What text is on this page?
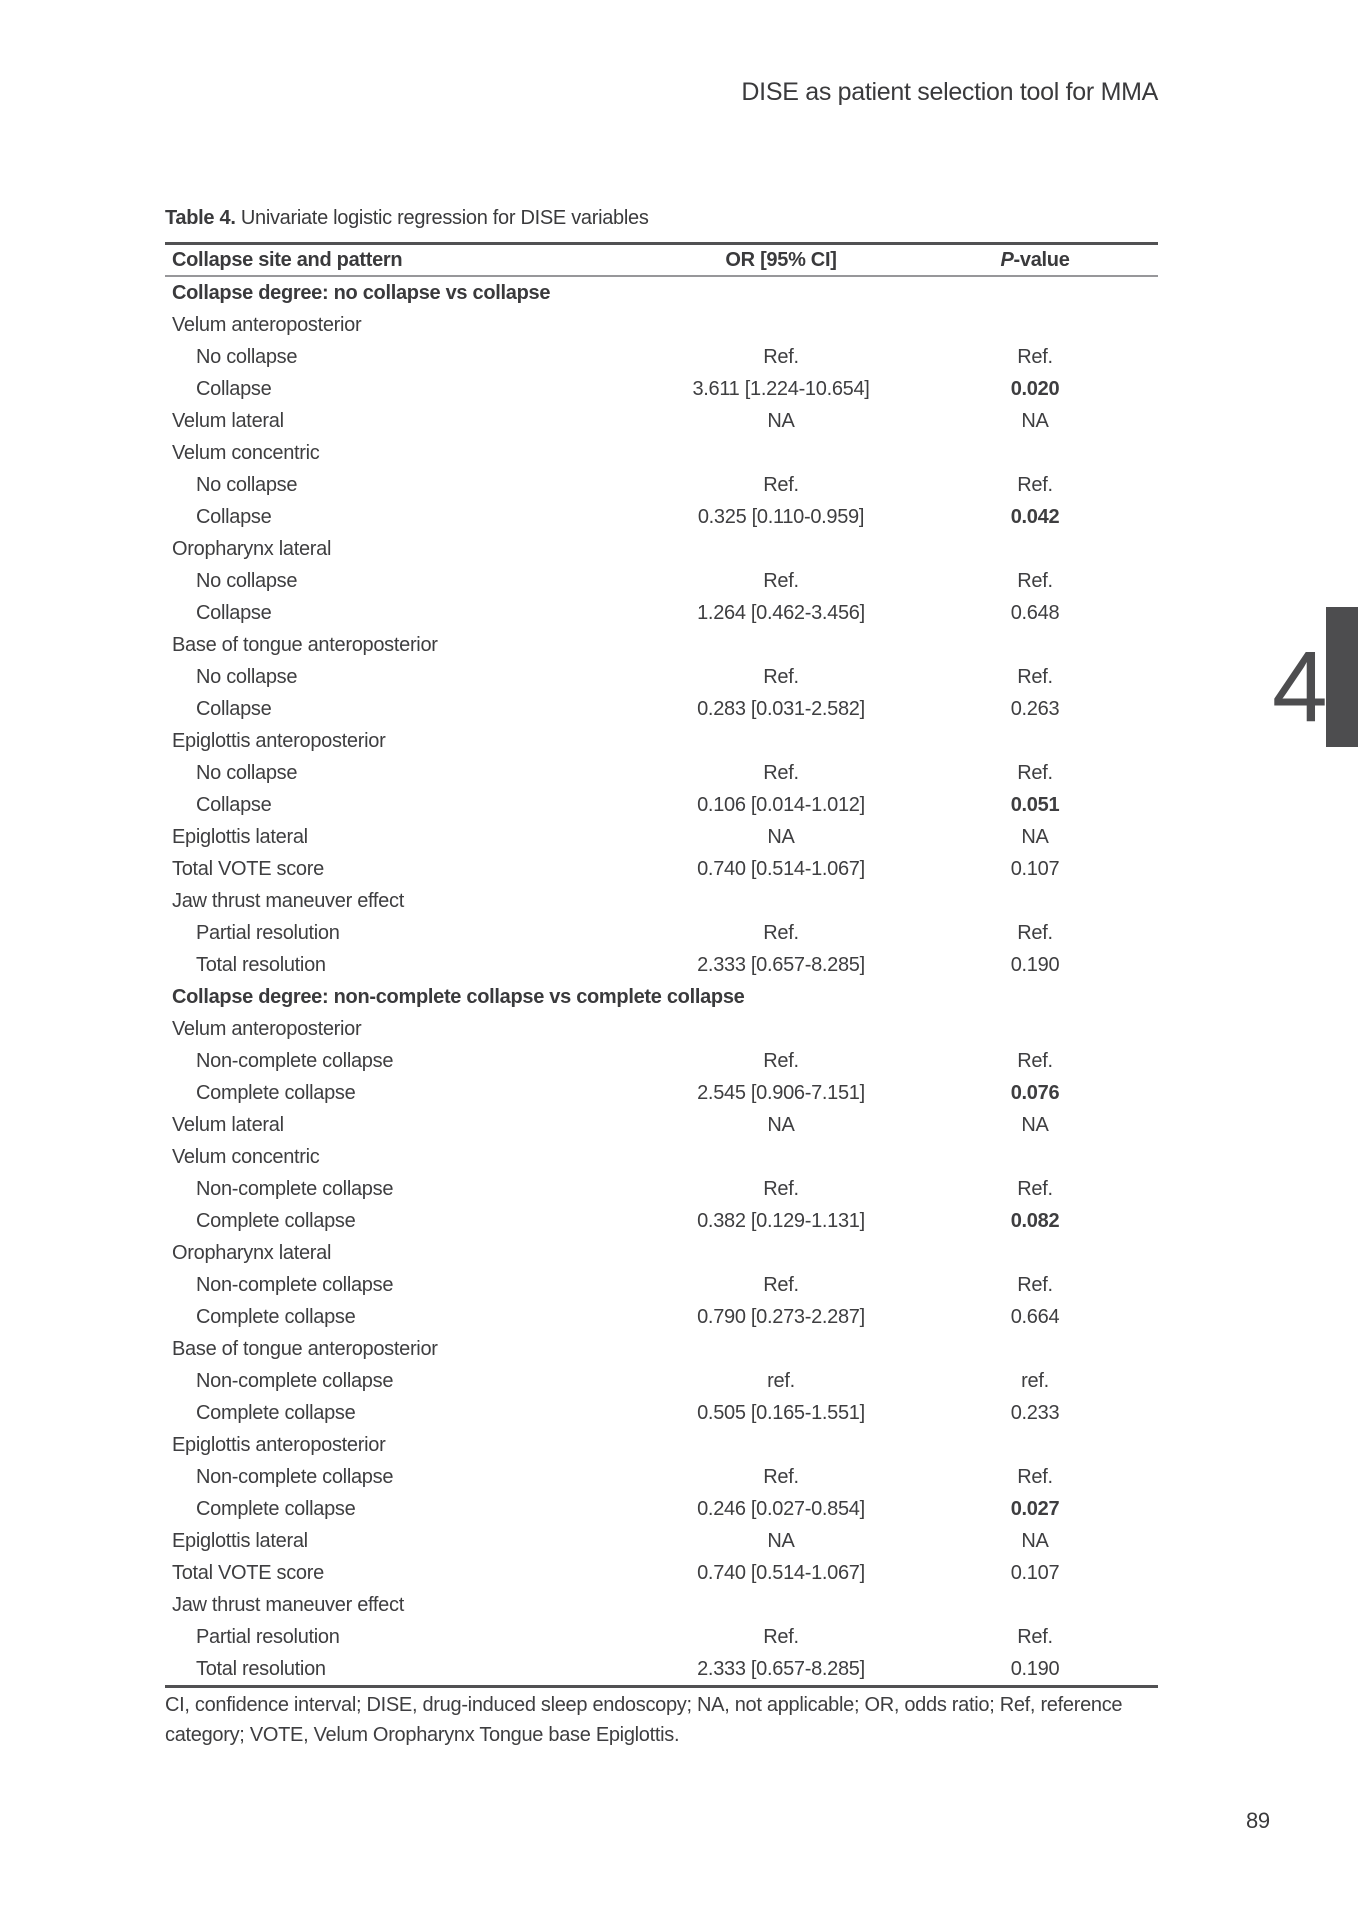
DISE as patient selection tool for MMA
Table 4. Univariate logistic regression for DISE variables
Collapse site and pattern	OR [95% CI]	P-value
Collapse degree: no collapse vs collapse
Velum anteroposterior
No collapse	Ref.	Ref.
Collapse	3.611 [1.224-10.654]	0.020
Velum lateral	NA	NA
Velum concentric
No collapse	Ref.	Ref.
Collapse	0.325 [0.110-0.959]	0.042
Oropharynx lateral
No collapse	Ref.	Ref.
Collapse	1.264 [0.462-3.456]	0.648
Base of tongue anteroposterior
No collapse	Ref.	Ref.
Collapse	0.283 [0.031-2.582]	0.263
Epiglottis anteroposterior
No collapse	Ref.	Ref.
Collapse	0.106 [0.014-1.012]	0.051
Epiglottis lateral	NA	NA
Total VOTE score	0.740 [0.514-1.067]	0.107
Jaw thrust maneuver effect
Partial resolution	Ref.	Ref.
Total resolution	2.333 [0.657-8.285]	0.190
Collapse degree: non-complete collapse vs complete collapse
Velum anteroposterior
Non-complete collapse	Ref.	Ref.
Complete collapse	2.545 [0.906-7.151]	0.076
Velum lateral	NA	NA
Velum concentric
Non-complete collapse	Ref.	Ref.
Complete collapse	0.382 [0.129-1.131]	0.082
Oropharynx lateral
Non-complete collapse	Ref.	Ref.
Complete collapse	0.790 [0.273-2.287]	0.664
Base of tongue anteroposterior
Non-complete collapse	ref.	ref.
Complete collapse	0.505 [0.165-1.551]	0.233
Epiglottis anteroposterior
Non-complete collapse	Ref.	Ref.
Complete collapse	0.246 [0.027-0.854]	0.027
Epiglottis lateral	NA	NA
Total VOTE score	0.740 [0.514-1.067]	0.107
Jaw thrust maneuver effect
Partial resolution	Ref.	Ref.
Total resolution	2.333 [0.657-8.285]	0.190
CI, confidence interval; DISE, drug-induced sleep endoscopy; NA, not applicable; OR, odds ratio; Ref, reference category; VOTE, Velum Oropharynx Tongue base Epiglottis.
4
89
